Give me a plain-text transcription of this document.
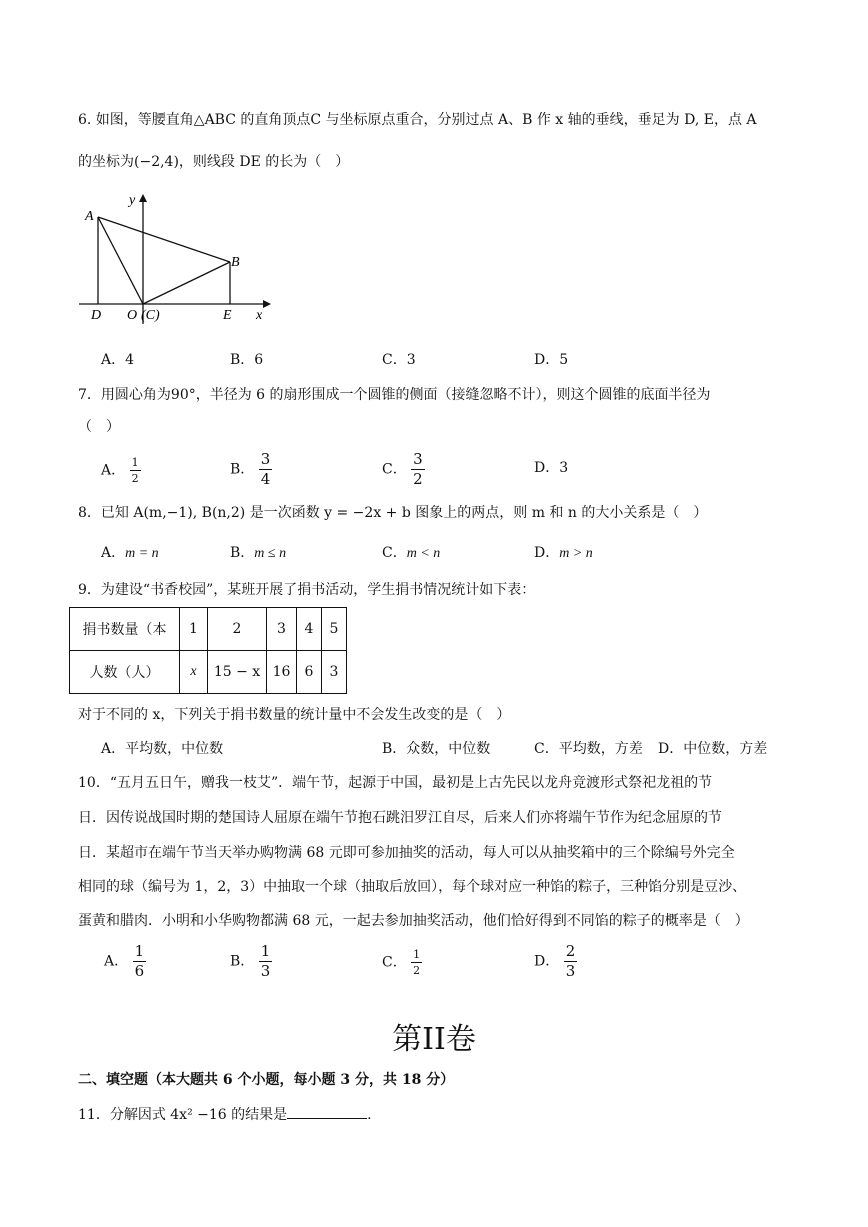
6. 如图，等腰直角△ABC 的直角顶点C 与坐标原点重合，分别过点 A、B 作 x 轴的垂线，垂足为 D, E，点 A
的坐标为(−2,4)，则线段 DE 的长为（　）
A
y
B
x
D O (C)	E
A．4	B．6	C．3	D．5
7．用圆心角为90°，半径为 6 的扇形围成一个圆锥的侧面（接缝忽略不计），则这个圆锥的底面半径为
（　）
A． $\frac{1}{2}$	B． $\frac{3}{4}$	C． $\frac{3}{2}$	D．3
8．已知 A(m,−1), B(n,2) 是一次函数 y = −2x + b 图象上的两点，则 m 和 n 的大小关系是（　）
A．m = n	B．m ≤ n	C．m < n	D．m > n
9．为建设“书香校园”，某班开展了捐书活动，学生捐书情况统计如下表：
捐书数量（本	1	2	3	4	5
人数（人）	x	15 − x	16	6	3
对于不同的 x，下列关于捐书数量的统计量中不会发生改变的是（　）
A．平均数，中位数	B．众数，中位数	C．平均数，方差 D．中位数，方差
10．“五月五日午，赠我一枝艾”．端午节，起源于中国，最初是上古先民以龙舟竞渡形式祭祀龙祖的节
日．因传说战国时期的楚国诗人屈原在端午节抱石跳汨罗江自尽，后来人们亦将端午节作为纪念屈原的节
日．某超市在端午节当天举办购物满 68 元即可参加抽奖的活动，每人可以从抽奖箱中的三个除编号外完全
相同的球（编号为 1，2，3）中抽取一个球（抽取后放回），每个球对应一种馅的粽子，三种馅分别是豆沙、
蛋黄和腊肉．小明和小华购物都满 68 元，一起去参加抽奖活动，他们恰好得到不同馅的粽子的概率是（　）
A． $\frac{1}{6}$	B． $\frac{1}{3}$	C． $\frac{1}{2}$	D． $\frac{2}{3}$
第II卷
二、填空题（本大题共 6 个小题，每小题 3 分，共 18 分）
11．分解因式 4x² −16 的结果是	.
